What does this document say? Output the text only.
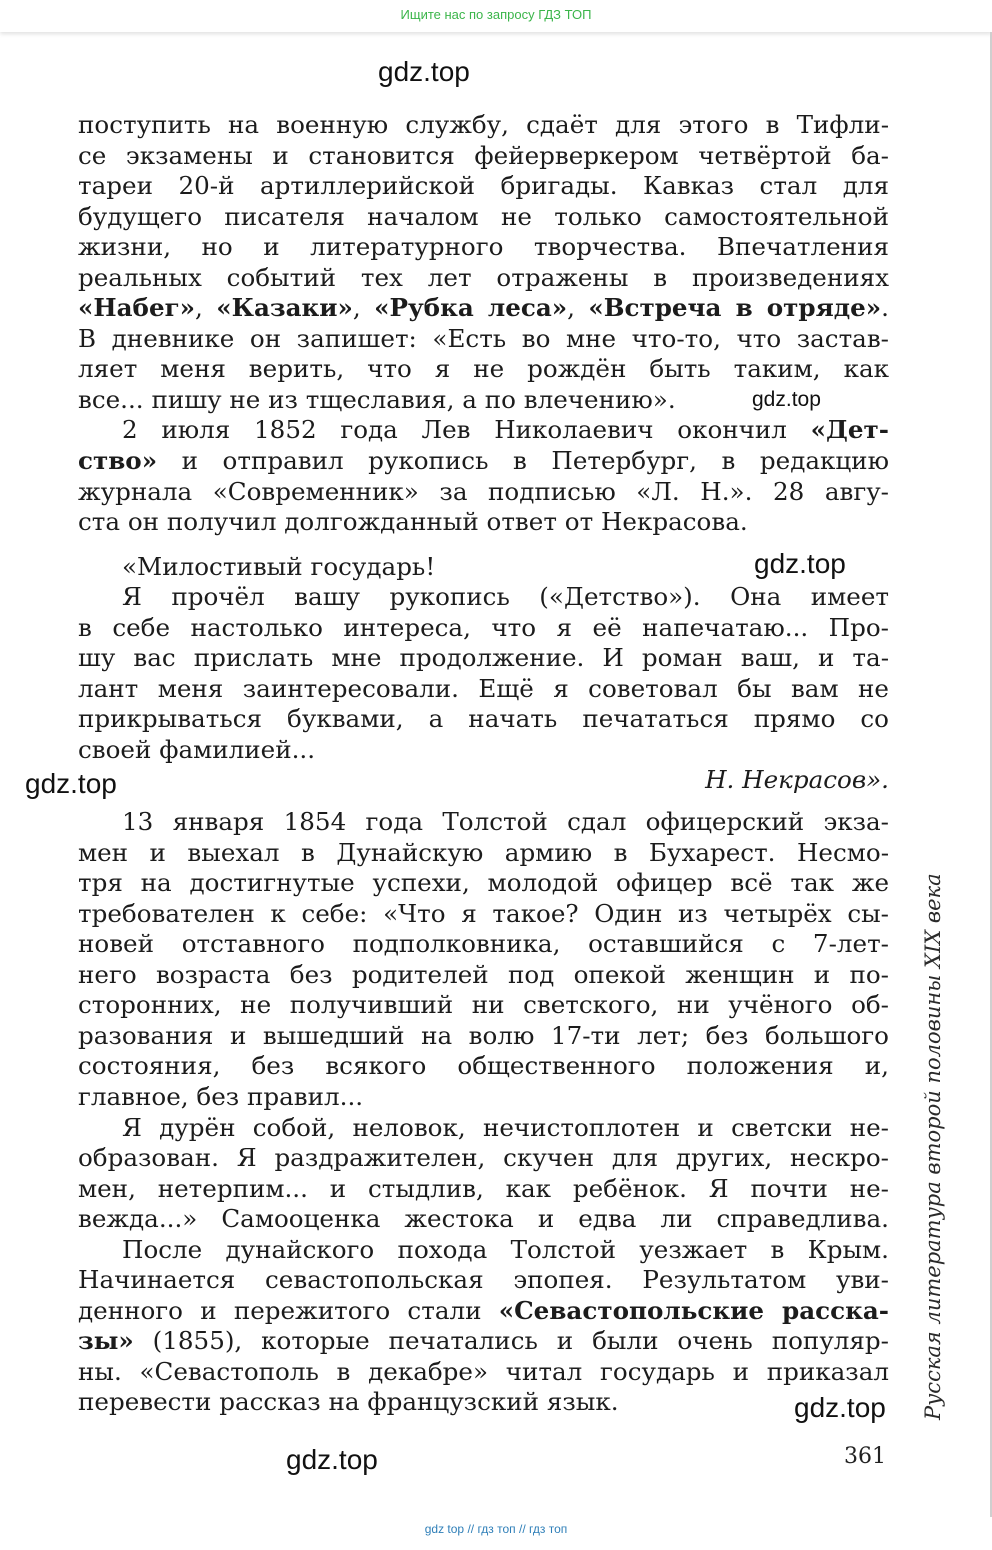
Ищите нас по запросу ГДЗ ТОП
gdz.top
gdz.top
gdz.top
gdz.top
gdz.top
gdz.top
поступить на военную службу, сдаёт для этого в Тифли-
се экзамены и становится фейерверкером четвёртой ба-
тареи 20-й артиллерийской бригады. Кавказ стал для
будущего писателя началом не только самостоятельной
жизни, но и литературного творчества. Впечатления
реальных событий тех лет отражены в произведениях
«Набег», «Казаки», «Рубка леса», «Встреча в отряде».
В дневнике он запишет: «Есть во мне что-то, что застав-
ляет меня верить, что я не рождён быть таким, как
все... пишу не из тщеславия, а по влечению».
2 июля 1852 года Лев Николаевич окончил «Дет-
ство» и отправил рукопись в Петербург, в редакцию
журнала «Современник» за подписью «Л. Н.». 28 авгу-
ста он получил долгожданный ответ от Некрасова.
«Милостивый государь!
Я прочёл вашу рукопись («Детство»). Она имеет
в себе настолько интереса, что я её напечатаю... Про-
шу вас прислать мне продолжение. И роман ваш, и та-
лант меня заинтересовали. Ещё я советовал бы вам не
прикрываться буквами, а начать печататься прямо со
своей фамилией...
Н. Некрасов».
13 января 1854 года Толстой сдал офицерский экза-
мен и выехал в Дунайскую армию в Бухарест. Несмо-
тря на достигнутые успехи, молодой офицер всё так же
требователен к себе: «Что я такое? Один из четырёх сы-
новей отставного подполковника, оставшийся с 7-лет-
него возраста без родителей под опекой женщин и по-
сторонних, не получивший ни светского, ни учёного об-
разования и вышедший на волю 17-ти лет; без большого
состояния, без всякого общественного положения и,
главное, без правил...
Я дурён собой, неловок, нечистоплотен и светски не-
образован. Я раздражителен, скучен для других, нескро-
мен, нетерпим... и стыдлив, как ребёнок. Я почти не-
вежда...» Самооценка жестока и едва ли справедлива.
После дунайского похода Толстой уезжает в Крым.
Начинается севастопольская эпопея. Результатом уви-
денного и пережитого стали «Севастопольские расска-
зы» (1855), которые печатались и были очень популяр-
ны. «Севастополь в декабре» читал государь и приказал
перевести рассказ на французский язык.	Русская литература второй половины XIX века
361
gdz top // гдз топ // гдз топ
